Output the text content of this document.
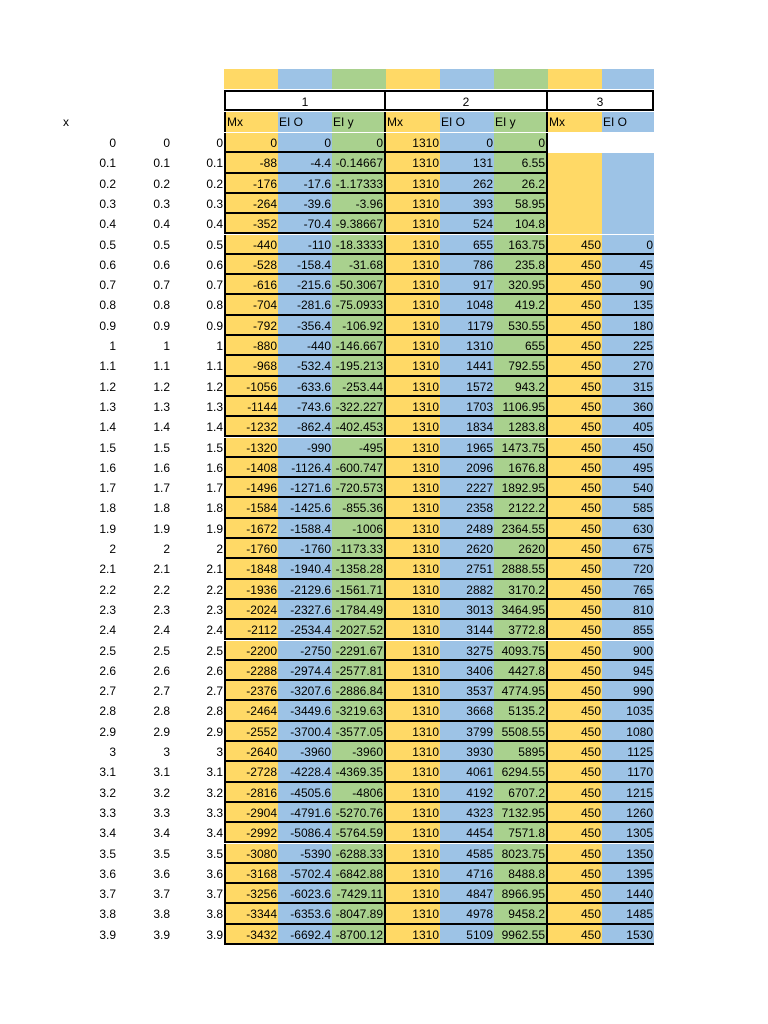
1	2	3
x	Mx	EI O	EI y	Mx	EI O	EI y	Mx	EI O
0	0	0	0	0	0	1310	0	0
0.1	0.1	0.1	-88	-4.4 -0.14667	1310	131	6.55
0.2	0.2	0.2	-176	-17.6 -1.17333	1310	262	26.2
0.3	0.3	0.3	-264	-39.6	-3.96	1310	393	58.95
0.4	0.4	0.4	-352	-70.4 -9.38667	1310	524	104.8
0.5	0.5	0.5	-440	-110 -18.3333	1310	655	163.75	450	0
0.6	0.6	0.6	-528	-158.4	-31.68	1310	786	235.8	450	45
0.7	0.7	0.7	-616	-215.6 -50.3067	1310	917	320.95	450	90
0.8	0.8	0.8	-704	-281.6 -75.0933	1310	1048	419.2	450	135
0.9	0.9	0.9	-792	-356.4 -106.92	1310	1179	530.55	450	180
1	1	1	-880	-440 -146.667	1310	1310	655	450	225
1.1	1.1	1.1	-968	-532.4 -195.213	1310	1441	792.55	450	270
1.2	1.2	1.2	-1056	-633.6 -253.44	1310	1572	943.2	450	315
1.3	1.3	1.3	-1144	-743.6 -322.227	1310	1703 1106.95	450	360
1.4	1.4	1.4	-1232	-862.4 -402.453	1310	1834	1283.8	450	405
1.5	1.5	1.5	-1320	-990	-495	1310	1965 1473.75	450	450
1.6	1.6	1.6	-1408	-1126.4 -600.747	1310	2096	1676.8	450	495
1.7	1.7	1.7	-1496	-1271.6 -720.573	1310	2227 1892.95	450	540
1.8	1.8	1.8	-1584	-1425.6 -855.36	1310	2358	2122.2	450	585
1.9	1.9	1.9	-1672	-1588.4	-1006	1310	2489 2364.55	450	630
2	2	2	-1760	-1760 -1173.33	1310	2620	2620	450	675
2.1	2.1	2.1	-1848	-1940.4 -1358.28	1310	2751 2888.55	450	720
2.2	2.2	2.2	-1936	-2129.6 -1561.71	1310	2882	3170.2	450	765
2.3	2.3	2.3	-2024	-2327.6 -1784.49	1310	3013 3464.95	450	810
2.4	2.4	2.4	-2112	-2534.4 -2027.52	1310	3144	3772.8	450	855
2.5	2.5	2.5	-2200	-2750 -2291.67	1310	3275 4093.75	450	900
2.6	2.6	2.6	-2288	-2974.4 -2577.81	1310	3406	4427.8	450	945
2.7	2.7	2.7	-2376	-3207.6 -2886.84	1310	3537 4774.95	450	990
2.8	2.8	2.8	-2464	-3449.6 -3219.63	1310	3668	5135.2	450	1035
2.9	2.9	2.9	-2552	-3700.4 -3577.05	1310	3799 5508.55	450	1080
3	3	3	-2640	-3960	-3960	1310	3930	5895	450	1125
3.1	3.1	3.1	-2728	-4228.4 -4369.35	1310	4061 6294.55	450	1170
3.2	3.2	3.2	-2816	-4505.6	-4806	1310	4192	6707.2	450	1215
3.3	3.3	3.3	-2904	-4791.6 -5270.76	1310	4323 7132.95	450	1260
3.4	3.4	3.4	-2992	-5086.4 -5764.59	1310	4454	7571.8	450	1305
3.5	3.5	3.5	-3080	-5390 -6288.33	1310	4585 8023.75	450	1350
3.6	3.6	3.6	-3168	-5702.4 -6842.88	1310	4716	8488.8	450	1395
3.7	3.7	3.7	-3256	-6023.6 -7429.11	1310	4847 8966.95	450	1440
3.8	3.8	3.8	-3344	-6353.6 -8047.89	1310	4978	9458.2	450	1485
3.9	3.9	3.9	-3432	-6692.4 -8700.12	1310	5109 9962.55	450	1530
